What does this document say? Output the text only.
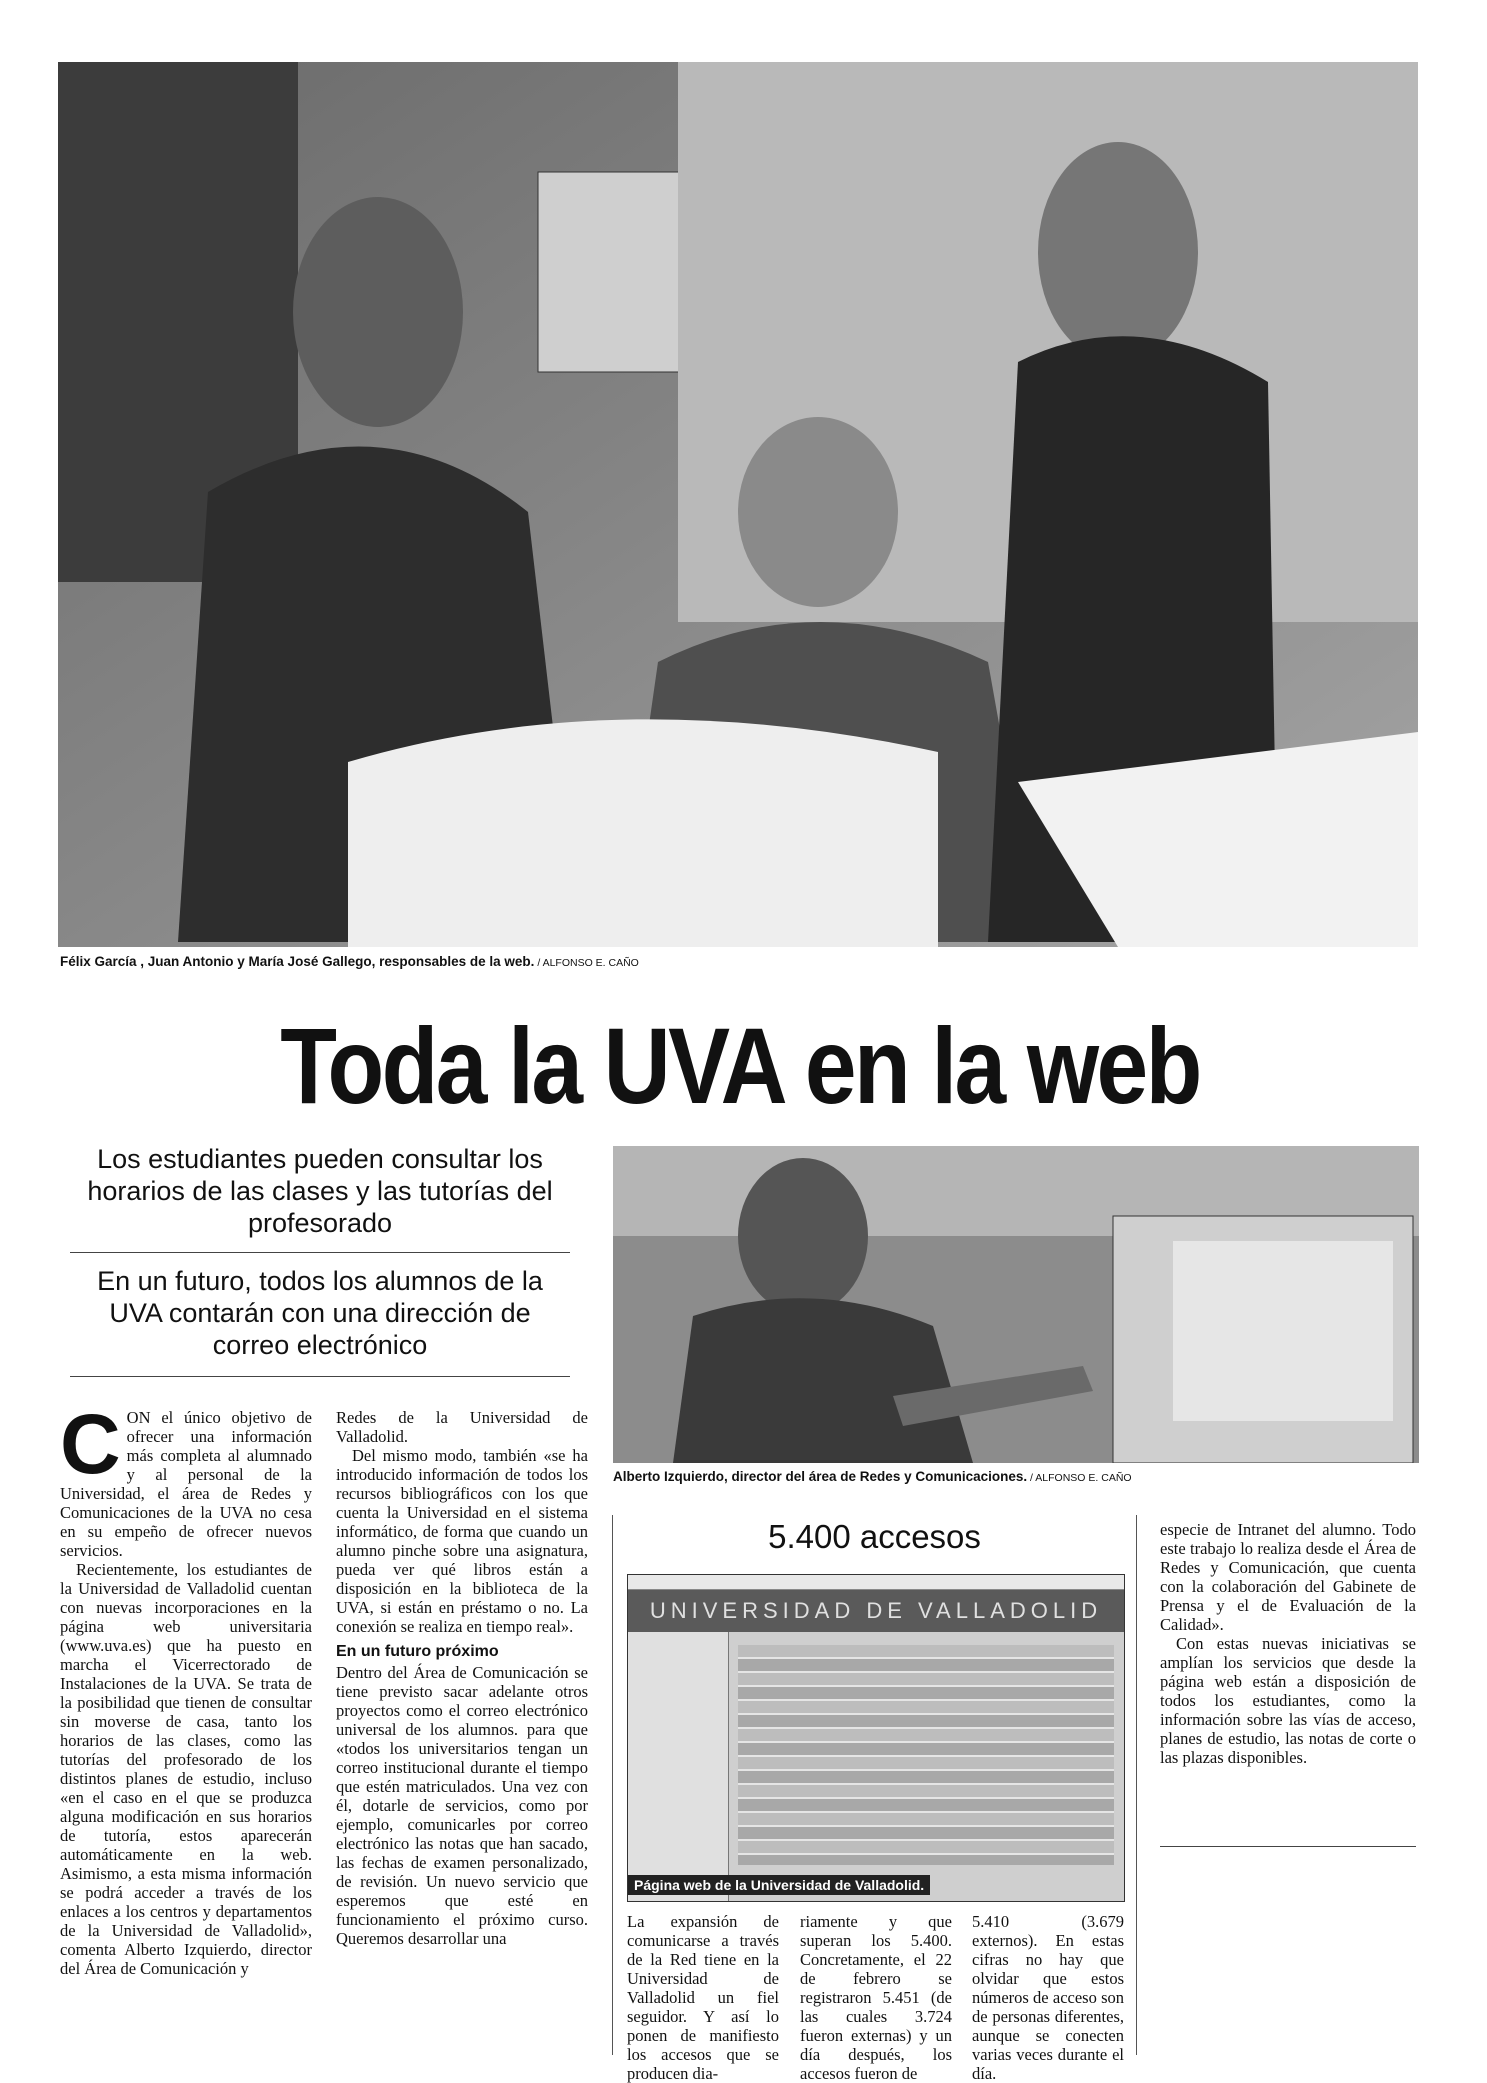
Félix García , Juan Antonio y María José Gallego, responsables de la web. / ALFONSO E. CAÑO
Toda la UVA en la web
Los estudiantes pueden consultar los horarios de las clases y las tutorías del profesorado
En un futuro, todos los alumnos de la UVA contarán con una dirección de correo electrónico
Alberto Izquierdo, director del área de Redes y Comunicaciones. / ALFONSO E. CAÑO

CON el único objetivo de ofrecer una información más completa al alumnado y al personal de la Universidad, el área de Redes y Comunicaciones de la UVA no cesa en su empeño de ofrecer nuevos servicios.

Recientemente, los estudiantes de la Universidad de Valladolid cuentan con nuevas incorporaciones en la página web universitaria (www.uva.es) que ha puesto en marcha el Vicerrectorado de Instalaciones de la UVA. Se trata de la posibilidad que tienen de consultar sin moverse de casa, tanto los horarios de las clases, como las tutorías del profesorado de los distintos planes de estudio, incluso «en el caso en el que se produzca alguna modificación en sus horarios de tutoría, estos aparecerán automáticamente en la web. Asimismo, a esta misma información se podrá acceder a través de los enlaces a los centros y departamentos de la Universidad de Valladolid», comenta Alberto Izquierdo, director del Área de Comunicación y

Redes de la Universidad de Valladolid.

Del mismo modo, también «se ha introducido información de todos los recursos bibliográficos con los que cuenta la Universidad en el sistema informático, de forma que cuando un alumno pinche sobre una asignatura, pueda ver qué libros están a disposición en la biblioteca de la UVA, si están en préstamo o no. La conexión se realiza en tiempo real».

En un futuro próximo

Dentro del Área de Comunicación se tiene previsto sacar adelante otros proyectos como el correo electrónico universal de los alumnos. para que «todos los universitarios tengan un correo institucional durante el tiempo que estén matriculados. Una vez con él, dotarle de servicios, como por ejemplo, comunicarles por correo electrónico las notas que han sacado, las fechas de examen personalizado, de revisión. Un nuevo servicio que esperemos que esté en funcionamiento el próximo curso. Queremos desarrollar una

5.400 accesos
UNIVERSIDAD DE VALLADOLID
Página web de la Universidad de Valladolid.

La expansión de comunicarse a través de la Red tiene en la Universidad de Valladolid un fiel seguidor. Y así lo ponen de manifiesto los accesos que se producen dia-

riamente y que superan los 5.400. Concretamente, el 22 de febrero se registraron 5.451 (de las cuales 3.724 fueron externas) y un día después, los accesos fueron de

5.410 (3.679 externos). En estas cifras no hay que olvidar que estos números de acceso son de personas diferentes, aunque se conecten varias veces durante el día.

especie de Intranet del alumno. Todo este trabajo lo realiza desde el Área de Redes y Comunicación, que cuenta con la colaboración del Gabinete de Prensa y el de Evaluación de la Calidad».

Con estas nuevas iniciativas se amplían los servicios que desde la página web están a disposición de todos los estudiantes, como la información sobre las vías de acceso, planes de estudio, las notas de corte o las plazas disponibles.
